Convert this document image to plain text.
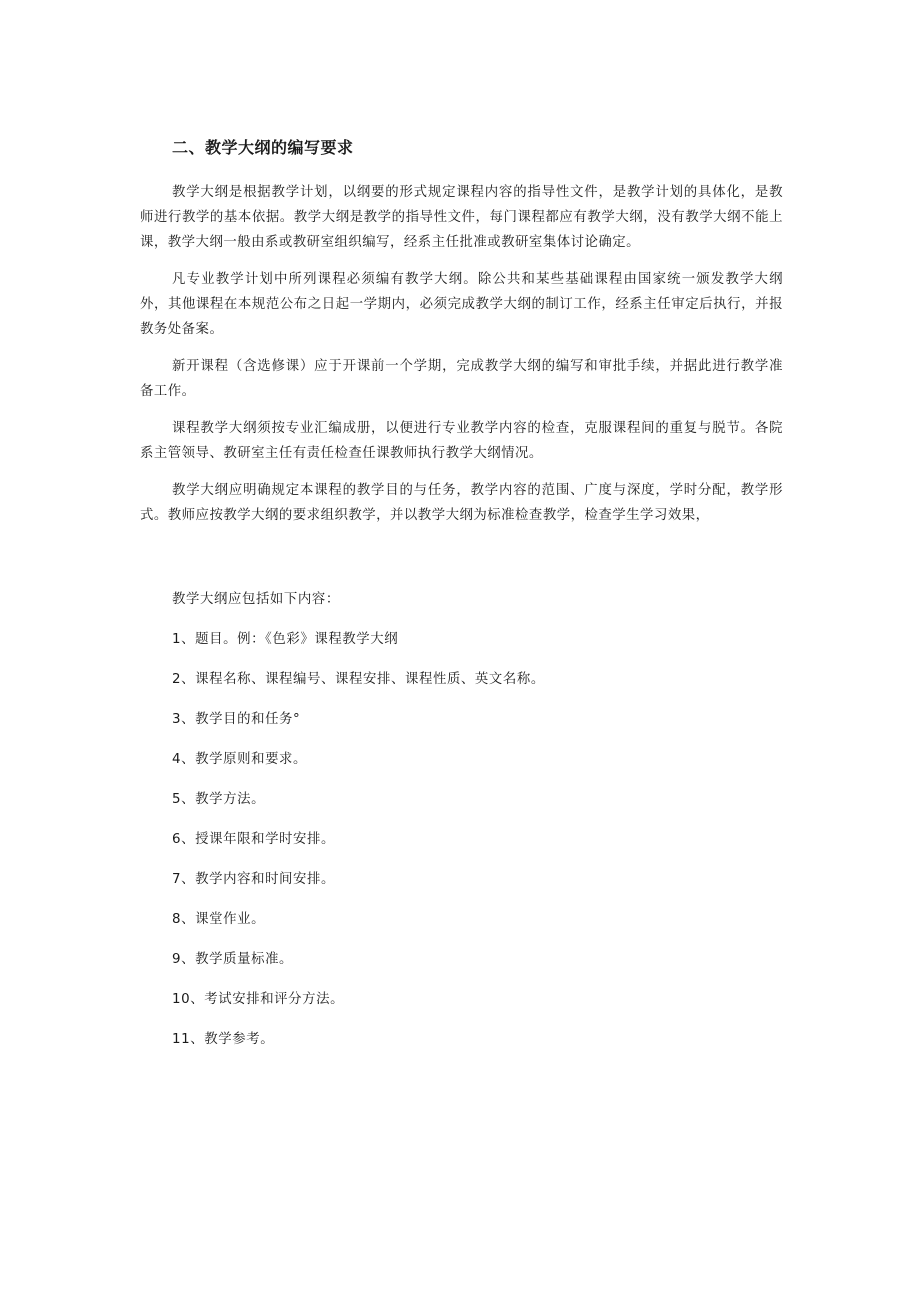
二、教学大纲的编写要求

教学大纲是根据教学计划，以纲要的形式规定课程内容的指导性文件，是教学计划的具体化，是教师进行教学的基本依据。教学大纲是教学的指导性文件，每门课程都应有教学大纲，没有教学大纲不能上课，教学大纲一般由系或教研室组织编写，经系主任批准或教研室集体讨论确定。

凡专业教学计划中所列课程必须编有教学大纲。除公共和某些基础课程由国家统一颁发教学大纲外，其他课程在本规范公布之日起一学期内，必须完成教学大纲的制订工作，经系主任审定后执行，并报教务处备案。

新开课程（含选修课）应于开课前一个学期，完成教学大纲的编写和审批手续，并据此进行教学准备工作。

课程教学大纲须按专业汇编成册，以便进行专业教学内容的检查，克服课程间的重复与脱节。各院系主管领导、教研室主任有责任检查任课教师执行教学大纲情况。

教学大纲应明确规定本课程的教学目的与任务，教学内容的范围、广度与深度，学时分配，教学形式。教师应按教学大纲的要求组织教学，并以教学大纲为标准检查教学，检查学生学习效果，

教学大纲应包括如下内容：

1、题目。例：《色彩》课程教学大纲

2、课程名称、课程编号、课程安排、课程性质、英文名称。

3、教学目的和任务°

4、教学原则和要求。

5、教学方法。

6、授课年限和学时安排。

7、教学内容和时间安排。

8、课堂作业。

9、教学质量标准。

10、考试安排和评分方法。

11、教学参考。
